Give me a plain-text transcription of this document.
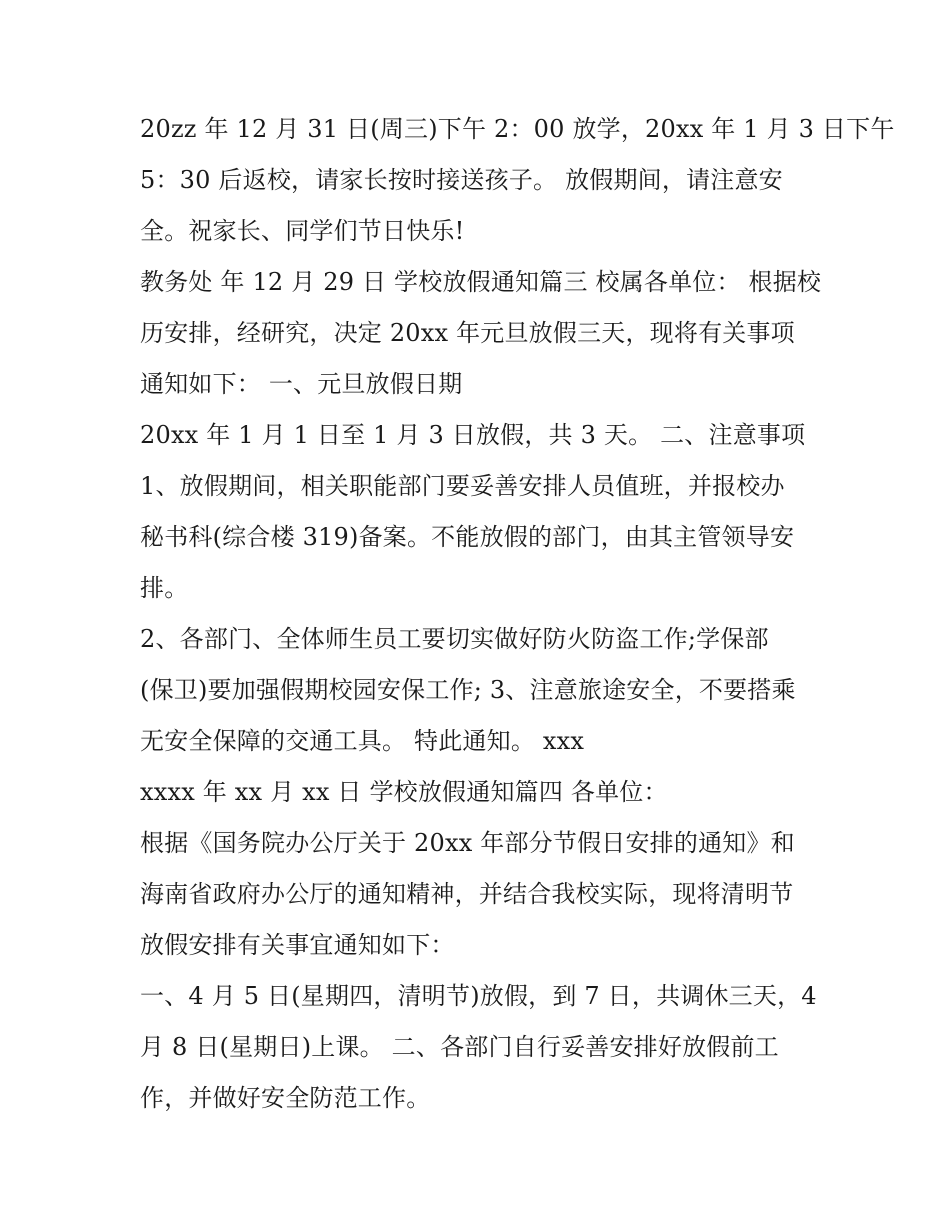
20zz 年 12 月 31 日(周三)下午 2：00 放学，20xx 年 1 月 3 日下午
5：30 后返校，请家长按时接送孩子。 放假期间，请注意安
全。祝家长、同学们节日快乐!
教务处 年 12 月 29 日 学校放假通知篇三 校属各单位： 根据校
历安排，经研究，决定 20xx 年元旦放假三天，现将有关事项
通知如下： 一、元旦放假日期
20xx 年 1 月 1 日至 1 月 3 日放假，共 3 天。 二、注意事项
1、放假期间，相关职能部门要妥善安排人员值班，并报校办
秘书科(综合楼 319)备案。不能放假的部门，由其主管领导安
排。
2、各部门、全体师生员工要切实做好防火防盗工作;学保部
(保卫)要加强假期校园安保工作; 3、注意旅途安全，不要搭乘
无安全保障的交通工具。 特此通知。 xxx
xxxx 年 xx 月 xx 日 学校放假通知篇四 各单位：
根据《国务院办公厅关于 20xx 年部分节假日安排的通知》和
海南省政府办公厅的通知精神，并结合我校实际，现将清明节
放假安排有关事宜通知如下：
一、4 月 5 日(星期四，清明节)放假，到 7 日，共调休三天，4
月 8 日(星期日)上课。 二、各部门自行妥善安排好放假前工
作，并做好安全防范工作。
